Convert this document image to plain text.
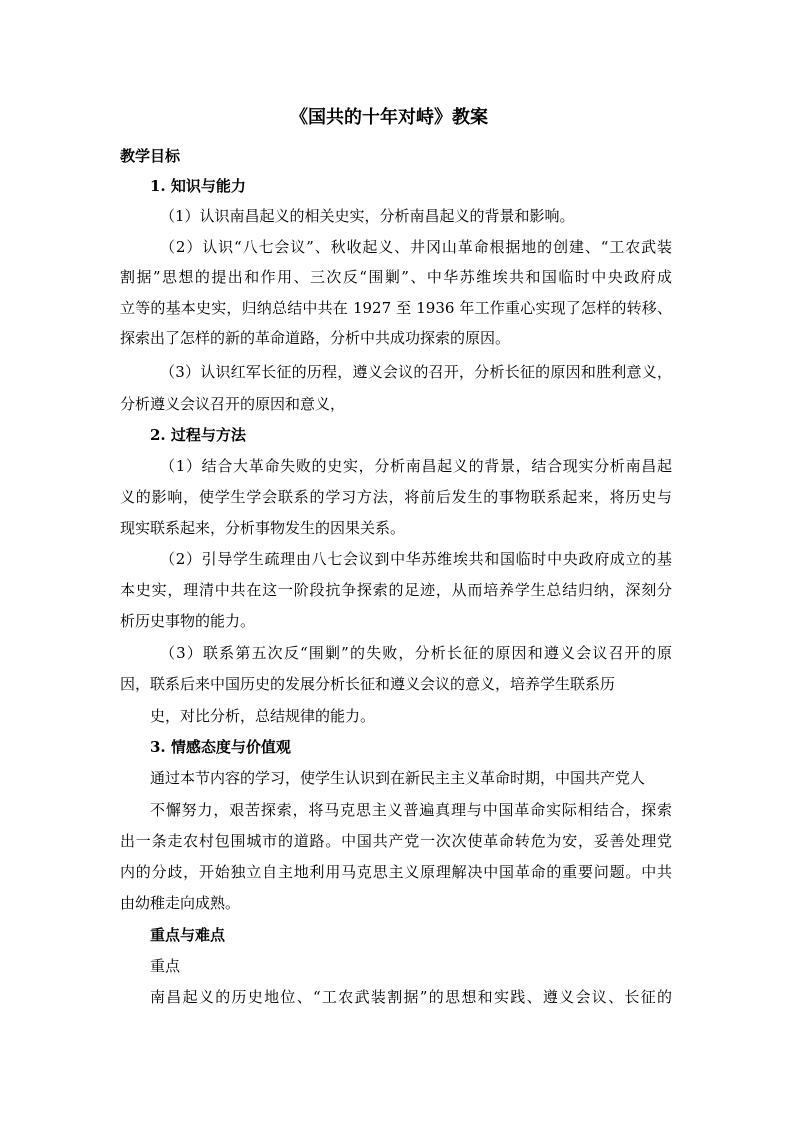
《国共的十年对峙》教案
教学目标
1. 知识与能力
（1）认识南昌起义的相关史实，分析南昌起义的背景和影响。
（2）认识“八七会议”、秋收起义、井冈山革命根据地的创建、“工农武装
割据”思想的提出和作用、三次反“围剿”、中华苏维埃共和国临时中央政府成
立等的基本史实，归纳总结中共在 1927 至 1936 年工作重心实现了怎样的转移、
探索出了怎样的新的革命道路，分析中共成功探索的原因。
（3）认识红军长征的历程，遵义会议的召开，分析长征的原因和胜利意义，
分析遵义会议召开的原因和意义，
2. 过程与方法
（1）结合大革命失败的史实，分析南昌起义的背景，结合现实分析南昌起
义的影响，使学生学会联系的学习方法，将前后发生的事物联系起来，将历史与
现实联系起来，分析事物发生的因果关系。
（2）引导学生疏理由八七会议到中华苏维埃共和国临时中央政府成立的基
本史实，理清中共在这一阶段抗争探索的足迹，从而培养学生总结归纳，深刻分
析历史事物的能力。
（3）联系第五次反“围剿”的失败，分析长征的原因和遵义会议召开的原
因，联系后来中国历史的发展分析长征和遵义会议的意义，培养学生联系历
史，对比分析，总结规律的能力。
3. 情感态度与价值观
通过本节内容的学习，使学生认识到在新民主主义革命时期，中国共产党人
不懈努力，艰苦探索，将马克思主义普遍真理与中国革命实际相结合，探索
出一条走农村包围城市的道路。中国共产党一次次使革命转危为安，妥善处理党
内的分歧，开始独立自主地利用马克思主义原理解决中国革命的重要问题。中共
由幼稚走向成熟。
重点与难点
重点
南昌起义的历史地位、“工农武装割据”的思想和实践、遵义会议、长征的
